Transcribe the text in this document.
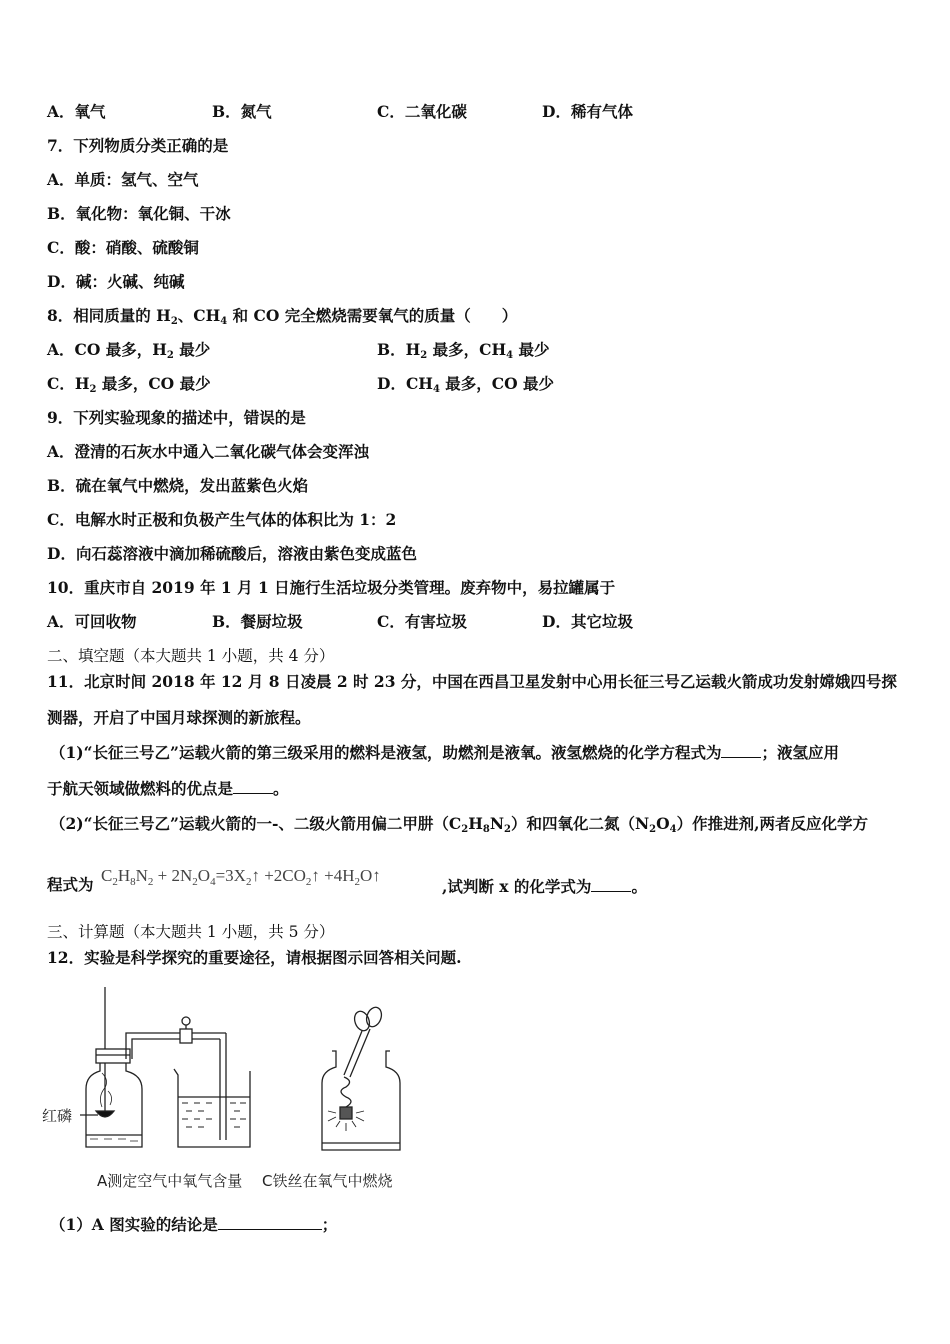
A．氧气	B．氮气	C．二氧化碳	D．稀有气体
7．下列物质分类正确的是
A．单质：氢气、空气
B．氧化物：氧化铜、干冰
C．酸：硝酸、硫酸铜
D．碱：火碱、纯碱
8．相同质量的 $H_2$、$CH_4$ 和 CO 完全燃烧需要氧气的质量（　　）
A．CO 最多，$H_2$ 最少	B．$H_2$ 最多，$CH_4$ 最少
C．$H_2$ 最多，CO 最少	D．$CH_4$ 最多，CO 最少
9．下列实验现象的描述中，错误的是
A．澄清的石灰水中通入二氧化碳气体会变浑浊
B．硫在氧气中燃烧，发出蓝紫色火焰
C．电解水时正极和负极产生气体的体积比为 1：2
D．向石蕊溶液中滴加稀硫酸后，溶液由紫色变成蓝色
10．重庆市自 2019 年 1 月 1 日施行生活垃圾分类管理。废弃物中，易拉罐属于
A．可回收物	B．餐厨垃圾	C．有害垃圾	D．其它垃圾
二、填空题（本大题共 1 小题，共 4 分）
11．北京时间 2018 年 12 月 8 日凌晨 2 时 23 分，中国在西昌卫星发射中心用长征三号乙运载火箭成功发射嫦娥四号探
测器，开启了中国月球探测的新旅程。
（1)“长征三号乙”运载火箭的第三级采用的燃料是液氢，助燃剂是液氧。液氢燃烧的化学方程式为	；液氢应用
于航天领域做燃料的优点是	。
（2)“长征三号乙”运载火箭的一-、二级火箭用偏二甲肼$(C_2H_8N_2)$和四氧化二氮$(N_2O_4)$作推进剂,两者反应化学方
程式为 $C_2H_8N_2$ + $2N_2O_4=3X_2↑$ $+2CO_2↑$ $+4H_2O↑$
,试判断 x 的化学式为	。
三、计算题（本大题共 1 小题，共 5 分）
12．实验是科学探究的重要途径，请根据图示回答相关问题.
红磷
A测定空气中氧气含量 C铁丝在氧气中燃烧
（1）A 图实验的结论是	；
